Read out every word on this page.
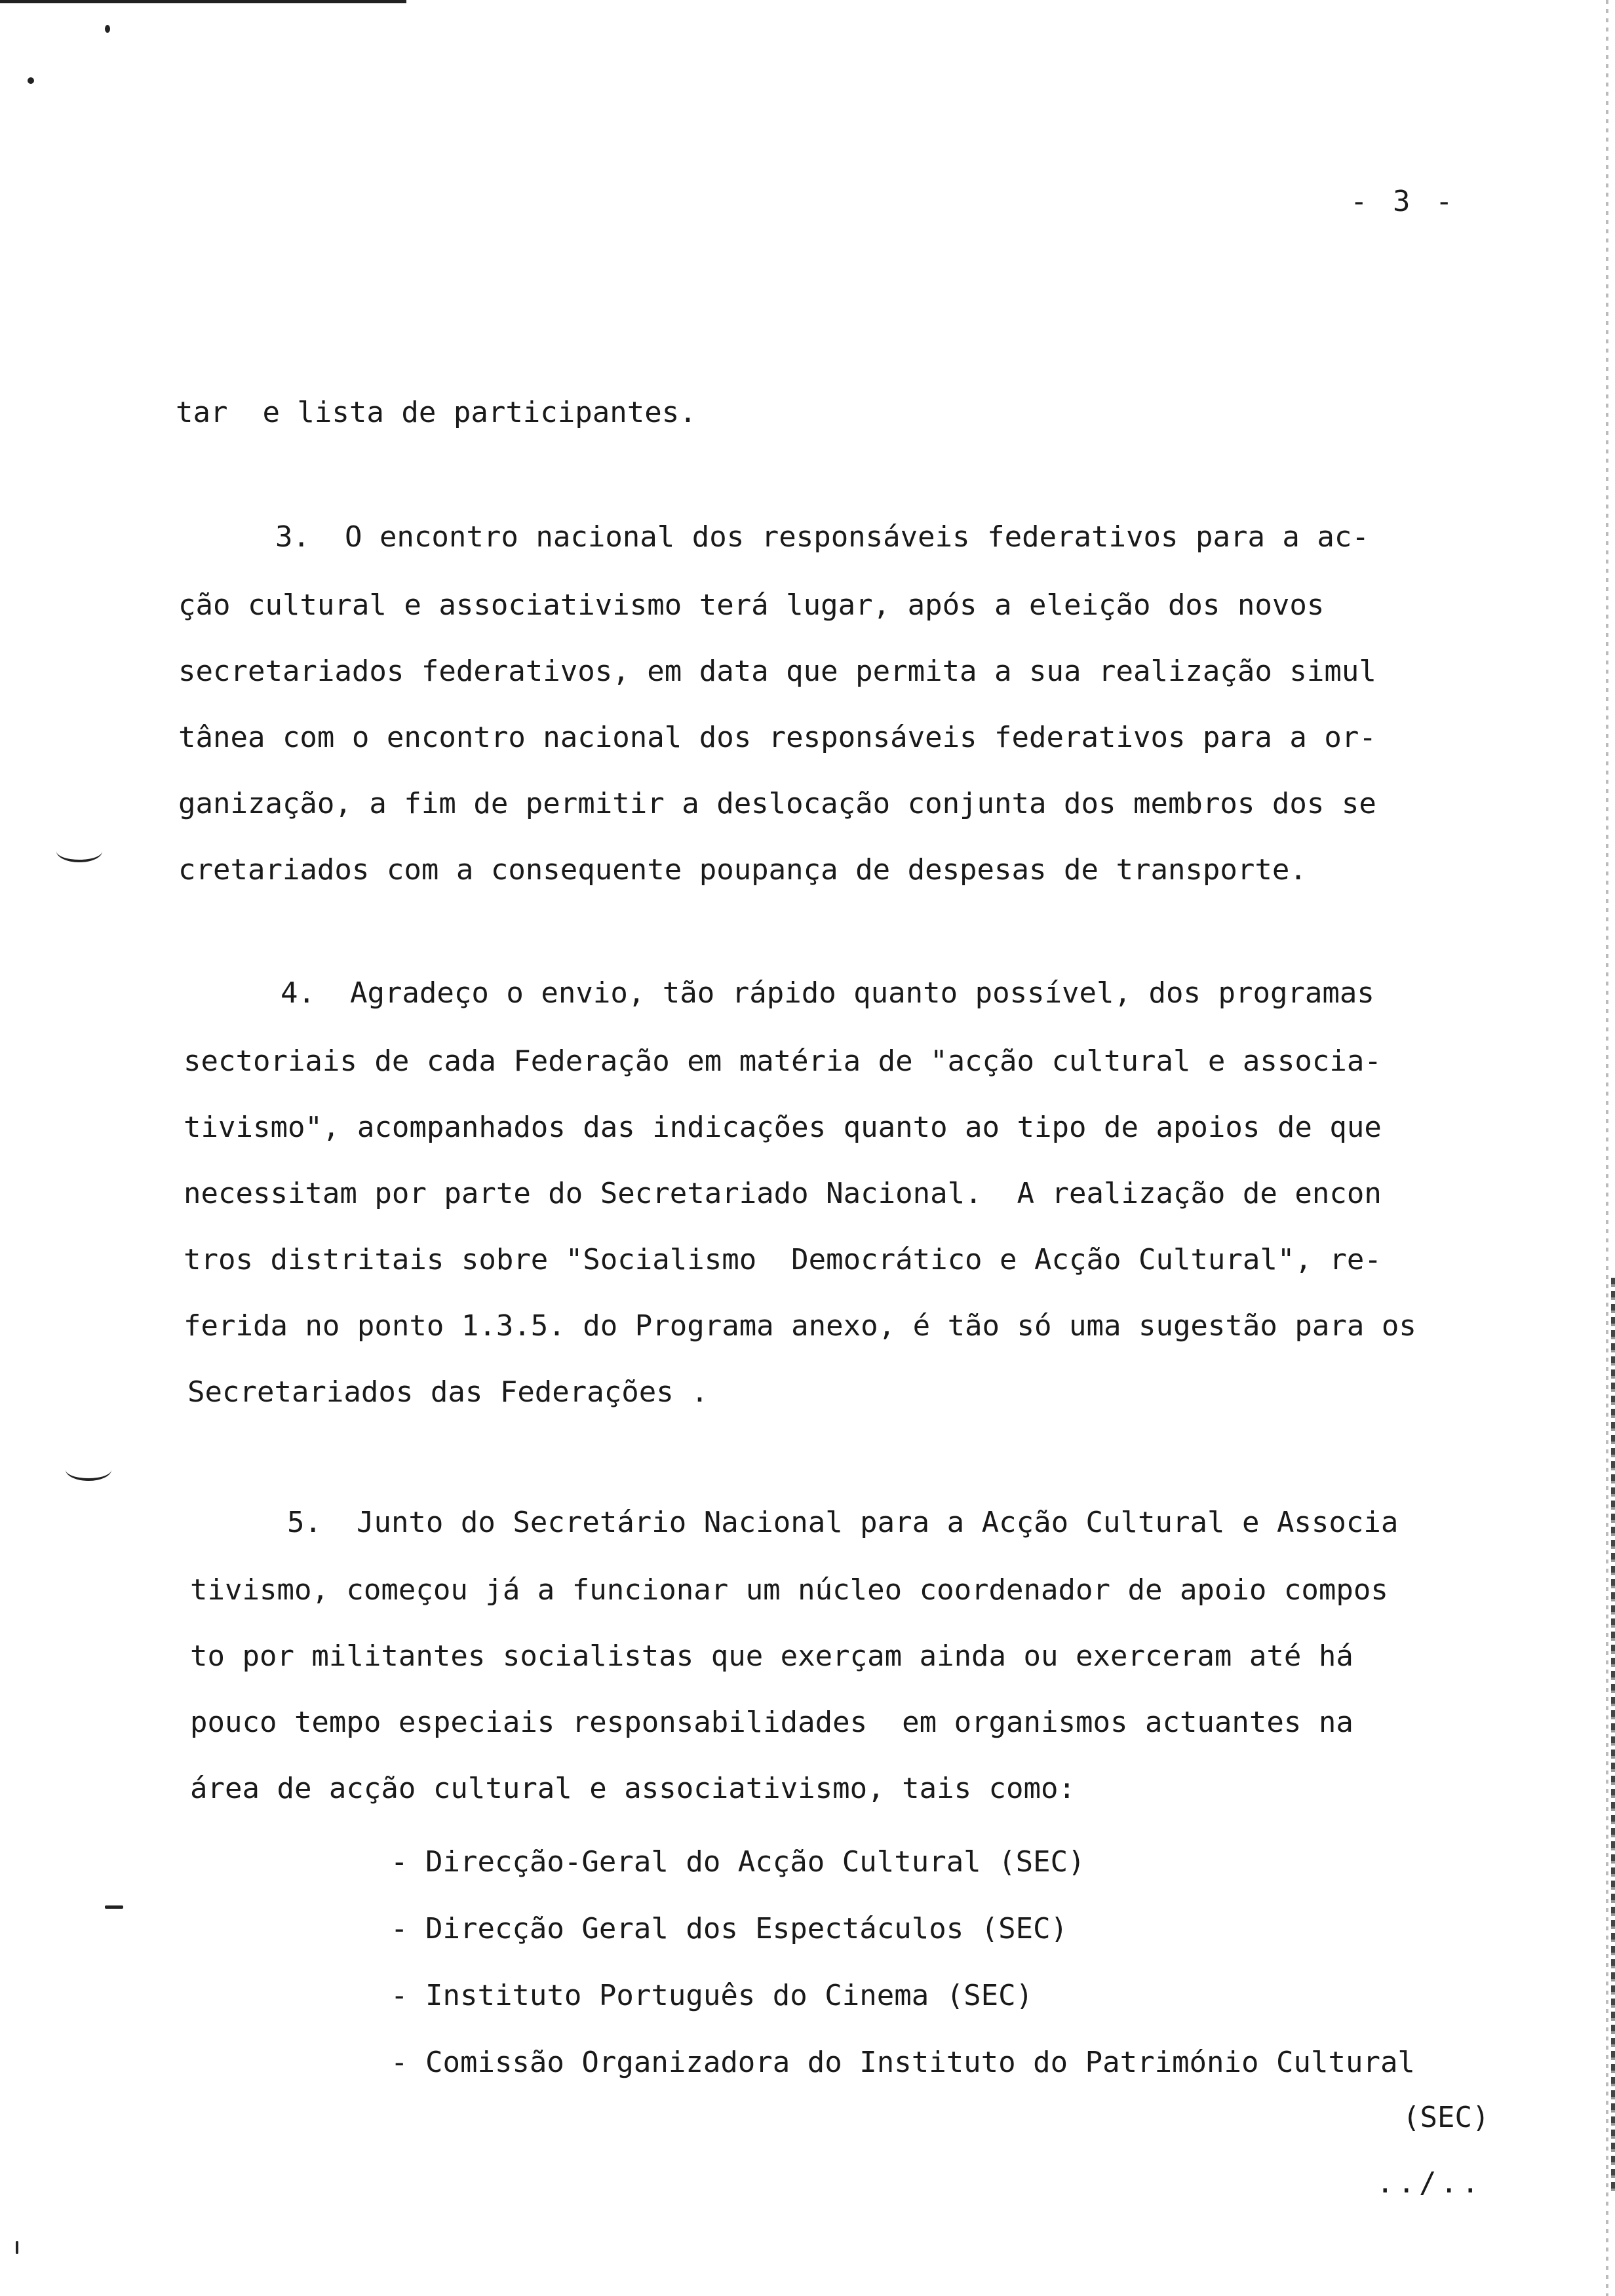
- 3 -
tar  e lista de participantes.
3.  O encontro nacional dos responsáveis federativos para a ac-
ção cultural e associativismo terá lugar, após a eleição dos novos
secretariados federativos, em data que permita a sua realização simul
tânea com o encontro nacional dos responsáveis federativos para a or-
ganização, a fim de permitir a deslocação conjunta dos membros dos se
cretariados com a consequente poupança de despesas de transporte.
4.  Agradeço o envio, tão rápido quanto possível, dos programas
sectoriais de cada Federação em matéria de "acção cultural e associa-
tivismo", acompanhados das indicações quanto ao tipo de apoios de que
necessitam por parte do Secretariado Nacional.  A realização de encon
tros distritais sobre "Socialismo  Democrático e Acção Cultural", re-
ferida no ponto 1.3.5. do Programa anexo, é tão só uma sugestão para os
Secretariados das Federações .
5.  Junto do Secretário Nacional para a Acção Cultural e Associa
tivismo, começou já a funcionar um núcleo coordenador de apoio compos
to por militantes socialistas que exerçam ainda ou exerceram até há
pouco tempo especiais responsabilidades  em organismos actuantes na
área de acção cultural e associativismo, tais como:
- Direcção-Geral do Acção Cultural (SEC)
- Direcção Geral dos Espectáculos (SEC)
- Instituto Português do Cinema (SEC)
- Comissão Organizadora do Instituto do Património Cultural
(SEC)
../..
